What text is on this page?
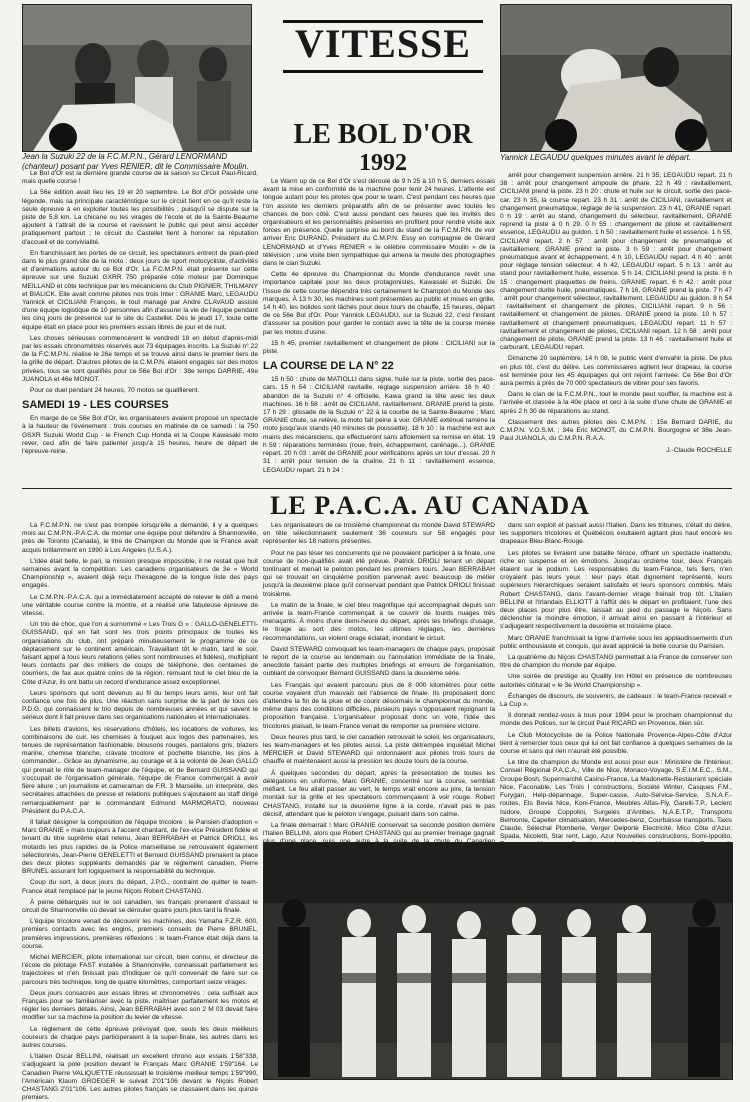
Jean la Suzuki 22 de la F.C.M.P.N., Gérard LENORMAND (chanteur) posant par Yves RENIER, dit le Commissaire Moulin.
VITESSE
LE BOL D'OR
1992	Yannick LEGAUDU quelques minutes avant le départ.

Le Bol d'Or est la dernière grande course de la saison su Circuit Paul-Ricard, mais quelle course !

La 56e édition avait lieu les 19 et 20 septembre. Le Bol d'Or possède une légende, mais sa principale caractéristique sur le circuit tient en ce qu'il reste la seule épreuve à en exploiter toutes les possibilités ; puisqu'il se dispute sur la piste de 5,8 km. La chicane ou les virages de l'école et de la Sainte-Beaume ajoutent à l'attrait de la course et ravissent le public qui peut ainsi accéder pratiquement partout ; le circuit du Castellet tient à honorer sa réputation d'accueil et de convivialité.

En franchissant les portes de ce circuit, les spectateurs entrent de plain-pied dans le plus grand site de la moto : deux jours de sport motocycliste, d'activités et d'animations autour du ce Bol d'Or. La F.C.M.P.N. était présente sur cette épreuve sur une Suzuki GXRR 750 préparée côte moteur par Dominique MEILLAND et côte technique par les mécaniciens du Club PIGNIER, THILMANY et BIALICK. Elle avait comme pilotes nos trois Inter : GRANIE Marc, LEGAUDU Yannick et CICILIANI François, le tout managé par Andre CLAVAUD assisté d'une équipe logistique de 10 personnes afin d'assurer la vie de l'équipe pendant les cinq jours de présence sur le site du Castellet. Dès le jeudi 17, toute cette équipe était en place pour les premiers essais libres de jour et de nuit.

Les choses sérieuses commencèrent le vendredi 18 en début d'après-midi par les essais chronométrés réservés aux 73 équipages inscrits. La Suzuki n° 22 de la F.C.M.P.N. réalise le 26e temps et se trouve ainsi dans le premier tiers de la grille de départ. D'autres pilotes de la C.M.P.N. étaient engagés sur des motos privées, tous se sont qualifiés pour ce 56e Bol d'Or : 38e temps DARRIE, 49e JUANOLA et 46e MONOT.

Pour ce duel pendant 24 heures, 70 motos se qualifièrent.

SAMEDI 19 - LES COURSES

En marge de ce 56e Bol d'Or, les organisateurs avaient proposé un spectacle à la hauteur de l'événement : trois courses en matinée de ce samedi : la 750 GSXR Suzuki World Cup - le French Cup Honda et la Coupe Kawasaki moto rever, ceci afin de faire patienter jusqu'à 15 heures, heure de départ de l'épreuve-reine.

Le Warm up de ce Bol d'Or s'est déroulé de 9 h 25 à 10 h 5, derniers essais avant la mise en conformité de la machine pour tenir 24 heures. L'attente est longue autant pour les pilotes que pour le team. C'est pendant ces heures que l'on assiste les derniers préparatifs afin de se présenter avec toutes les chances de bon côté. C'est aussi pendant ces heures que les invités des organisateurs et les personnalités présentes en profitent pour rendre visite aux forces en présence. Quelle surprise au bord du stand de la F.C.M.P.N. de voir arriver Eric DURAND, Président du C.M.P.N. Essy en compagnie de Gérard LENORMAND et d'Yves RENIER « le célèbre commissaire Moulin » de la télévision ; une visite bien sympathique qui amena la meute des photographes dans le clan Suzuki.

Cette 4e épreuve du Championnat du Monde d'endurance revêt une importance capitale pour les deux protagonistes, Kawasaki et Suzuki. De l'issue de cette course dépendra très certainement le Champion du Monde des marques. À 13 h 30, les machines sont présentées au public et mises en grille, 14 h 40, les bolides sont lâchés pour deux tours de chauffe, 15 heures, départ de ce 56e Bol d'Or. Pour Yannick LEGAUDU, sur la Suzuki 22, c'est l'instant d'assurer sa position pour garder le contact avec la tête de la course menée par les motos d'usine.

15 h 45, premier ravitaillement et changement de pilote : CICILIANI sur la piste.

LA COURSE DE LA N° 22

15 h 50 : chute de MATIOLLI dans signe, huile sur la piste, sortie des pace-cars. 15 h 54 : CICILIANI ravitaille, réglage suspension arrière. 16 h 40 : abandon de la Suzuki n° 4 officielle, Kawa grand la tête avec les deux machines. 16 h 58 : arrêt de CICILIANI, ravitaillement. GRANIE prend la piste. 17 h 29 : glissade de la Suzuki n° 22 à la courbe de la Sainte-Beaume ; Marc GRANIE chute, se relève, la moto fait peine à voir. GRANIE exténué ramène la moto jusqu'aux stands (40 minutes de poussette). 18 h 10 : la machine est aux mains des mécaniciens, qui effectueront sans affolement sa remise en état. 19 h 59 : réparations terminées (roue, frein, échappement, carénage...). GRANIE repart. 20 h 03 : arrêt de GRANIE pour vérifications après un tour d'essai. 20 h 31 : arrêt pour tension de la chaîne. 21 h 11 : ravitaillement essence, LEGAUDU repart. 21 h 24 :

arrêt pour changement suspension arrière. 21 h 35, LEGAUDU repart. 21 h 38 : arrêt pour changement ampoule de phare. 22 h 49 : ravitaillement, CICILIANI prend la piste. 23 h 20 : chute et huile sur le circuit, sortie des pace-car. 23 h 35, la course repart. 23 h 31 : arrêt de CICILIANI, ravitaillement et changement pneumatique, réglage de la suspension. 23 h 41, GRANIE repart. 0 h 19 : arrêt au stand, changement du sélecteur, ravitaillement, GRANIE reprend la piste à 0 h 29. 0 h 55 : changement de pilote et ravitaillement essence, LEGAUDU au guidon. 1 h 50 : ravitaillement huile et essence. 1 h 55, CICILIANI repart. 2 h 57 : arrêt pour changement de pneumatique et ravitaillement. GRANIE prend la piste. 3 h 59 : arrêt pour changement pneumatique avant et échappement. 4 h 10, LEGAUDU repart. 4 h 40 : arrêt pour réglage tension sélecteur. 4 h 42, LEGAUDU repart. 5 h 13 : arrêt au stand pour ravitaillement huile, essence. 5 h 14, CICILIANI prend la piste. 6 h 15 : changement plaquettes de freins. GRANIE repart. 6 h 42 : arrêt pour changement durite huile, pneumatiques. 7 h 16, GRANIE prend la piste. 7 h 47 : arrêt pour changement sélecteur, ravitaillement. LEGAUDU au guidon. 8 h 54 : ravitaillement et changement de pilotes, CICILIANI repart. 9 h 56 : ravitaillement et changement de pilotes. GRANIE prend la piste. 10 h 57 : ravitaillement et changement pneumatiques, LEGAUDU repart. 11 h 57 : ravitaillement et changement de pilotes, CICILIANI repart. 12 h 58 : arrêt pour changement de pilote, GRANIE prend la piste. 13 h 46 : ravitaillement huile et carburant, LEGAUDU repart.

Dimanche 20 septembre, 14 h 08, le public vient d'envahir la piste. De plus en plus tôt, c'est du délire. Les commissaires agitent leur drapeau, la course est terminée pour les 45 équipages qui ont rejoint l'arrivée. Ce 56e Bol d'Or aura permis à près de 70 000 spectateurs de vibrer pour ses favoris.

Dans le clan de la F.C.M.P.N., tout le monde peut souffler, la machine est à l'arrivée et classée à la 40e place et ceci à la suite d'une chute de GRANIE et après 2 h 30 de réparations au stand.

Classement des autres pilotes des C.M.P.N. : 15e Bernard DARIE, du C.M.P.N. V.O.S.M. ; 34e Eric MONOT, du C.M.P.N. Bourgogne et 38e Jean-Paul JUANOLA, du C.M.P.N. R.A.A.

J.-Claude ROCHELLE

LE P.A.C.A. AU CANADA

La F.C.M.P.N. ne s'est pas trompée lorsqu'elle a demandé, il y a quelques mois au C.M.P.N.-P.A.C.A. de monter une équipe pour défendre à Shannonville, près de Toronto (Canada), le titre de Champion du Monde que la France avait acquis brillamment en 1990 à Los Angeles (U.S.A.).

L'idée était belle, le pari, la mission presque impossible, il ne restait que huit semaines avant la compétition. Les canadiens organisateurs de 3e « World Championship », avaient déjà reçu l'hexagone de la longue liste des pays engagés.

Le C.M.P.N.-P.A.C.A. qui a immédiatement accepté de relever le défi a mené une véritable course contre la montre, et a réalisé une fabuleuse épreuve de vitesse.

Un trio de choc, que l'on a surnommé « Les Trois G » : GALLO-GENELETTI-GUISSAND, qui en fait sont les trois points principaux de toutes les organisations du club, ont préparé minutieusement le programme de ce déplacement sur le continent américain. Travaillant tôt le matin, tard le soir, faisant appel à tous leurs relations (elles sont nombreuses et fidèles), multipliant leurs contacts par des milliers de coups de téléphone, des centaines de courriers, de fax aux quatre coins de la région, remuant tout le ciel bleu de la Côte d'Azur, ils ont battu un record d'endurance assez exceptionnel.

Leurs sponsors qui sont devenus au fil du temps leurs amis, leur ont fait confiance une fois de plus. Une réaction sans surprise de la part de tous ces P.D.G. qui connaissent le trio depuis de nombreuses années et qui savent le sérieux dont il fait preuve dans ses organisations nationales et internationales.

Les billets d'avions, les réservations d'hôtels, les locations de voitures, les combinaisons de cuir, les chemises à fouquet aux logos des partenaires, les tenues de représentation fashionable, blousons rouges, pantalons gris, blazers marine, chemise blanche, cravate tricolore et pochette blanche, les pins à commander... Grâce au dynamisme, au courage et à la volonté de Jean GALLO qui prenait le rôle de team-manager de l'équipe, et de Bernard GUISSAND qui s'occupait de l'organisation générale, l'équipe de France commerçait à avoir fière allure ; un journaliste et cameraman de F.R. 3 Marseille, un interprète, des secrétaires attachées de presse et relations publiques s'ajoutaient au staff dirigé remarquablement par le commandant Edmond MARMORATO, nouveau Président du P.A.C.A.

Il fallait désigner la composition de l'équipe tricolore : le Parisien d'adoption « Marc GRANIE » mais toujours à l'accent chantant, de l'ex-vice Président fidèle et tenant du titre suprême était retenu, Jean BERRABAH et Patrick DRIOLI, les motards les plus rapides de la Police marseillaise se retrouvaient également sélectionnés, Jean-Pierre GENELETTI et Bernard GUISSAND prenaient la place des deux pilotes suppléants demandés par le règlement canadien, Pierre BRUNEL assurant fort logiquement la responsabilité du technique.

Coup du sort, à deux jours du départ, J.P.G., contraint de quitter le team-France était remplacé par le jeune Niçois Robert CHASTANG.

À peine débarqués sur le sol canadien, les français prenaient d'assaut le circuit de Shannonville où devait se dérouler quatre jours plus tard la finale.

L'équipe tricolore venait de découvrir les machines, des Yamaha F.Z.R. 600, premiers contacts avec les engins, premiers conseils de Pierre BRUNEL, premières impressions, premières réflexions : le team-France était déjà dans la course.

Michel MERCIER, pilote international sur circuit, bien connu, et directeur de l'école de pilotage FAST installée à Shannonville, connaissait parfaitement les trajectoires et n'en finissait pas d'indiquer ce qu'il convenait de faire sur ce parcours très technique, long de quatre kilomètres, comportant seize virages.

Deux jours consacrés aux essais libres et chronométrés : cela suffisait aux Français pour se familiariser avec la piste, maîtriser parfaitement les motos et régler les derniers détails. Ainsi, Jean BERRABAH avec son 2 M 03 devait faire modifier sur sa machine la position du levier de vitesse.

Le règlement de cette épreuve prévoyait que, seuls les deux meilleurs coureurs de chaque pays participeraient à la super-finale, les autres dans les autres courses.

L'italien Oscar BELLINI, réalisait un excellent chrono aux essais 1'58"338, s'adjugeant la pole position devant le Français Marc GRANIE 1'59"164. Le Canadien Pierre VALIQUETTE réussissait le troisième meilleur temps 1'59"990, l'Américain Klaum GROEGER le suivait 2'01"106 devant le Niçois Robert CHASTANG 2'01"106. Les autres pilotes français se classaient dans les quinze premiers.

Les organisateurs de ce troisième championnat du monde David STEWARD en tête sélectionnaient seulement 36 coureurs sur 58 engagés pour représenter les 18 nations présentes.

Pour ne pas léser les concurrents qui ne pouvaient participer à la finale, une course de non-qualifiés avait été prévue. Patrick DRIOLI tenant un départ tonitruant et menait le peloton pendant les premiers tours. Jean BERRABAH qui se trouvait en cinquième position parvenait avec beaucoup de métier jusqu'à la deuxième place qu'il conservait pendant que Patrick DRIOLI finissait troisième.

Le matin de la finale, le ciel bleu magnifique qui accompagnait depuis son arrivée la team-France commençait à se couvrir de lourds nuages très menaçants. À moins d'une demi-heure du départ, après les briefings d'usage, le tirage au sort des motos, les ultimes réglages, les dernières recommandations, un violent orage éclatait, inondant le circuit.

David STEWARD convoquait les team-managers de chaque pays, proposait le report de la course au lendemain ou l'annulation immédiate de la finale, anecdote faisant partie des multiples briefings et erreurs de l'organisation, oubliant de convoquer Bernard GUISSAND dans la deuxième série.

Les Français qui avaient parcouru plus de 8 000 kilomètres pour cette course voyaient d'un mauvais œil l'absence de finale. Ils proposaient donc d'attendre la fin de la pluie et de courir désormais le championnat du monde, même dans des conditions difficiles, plusieurs pays s'opposaient rejoignant la proposition française. L'organisateur proposait donc un vote, l'idée des tricolores plaisait, le team-France venait de remporter sa première victoire.

Deux heures plus tard, le ciel canadien retrouvait le soleil, les organisateurs, les team-managers et les pilotes aussi. La piste détrempée inquiétait Michel MERCIER et David STEWARD qui ordonnaient aux pilotes trois tours de chauffe et maintenaient aussi la pression les douze tours de la course.

À quelques secondes du départ, après la présentation de toutes les délégations en uniforme, Marc GRANIE, concentré sur la course, semblait méfiant. Le feu allait passer au vert, le temps vrait encore au pire, la tension montait sur la grille et les spectateurs commençaient à voir rouge. Robert CHASTANG, installé sur la deuxième ligne à la corde, n'avait pas le pas décisif, attendant que le peloton s'engage, puisant dans son calme.

La finale démarrait ! Marc GRANIE conservait sa seconde position derrière l'Italien BELLINI, alors que Robert CHASTANG qui au premier freinage gagnait

dans son exploit et passait aussi l'Italien. Dans les tribunes, c'était du délire, les supporters tricolores et Québécois exultaient agitant plus haut encore les drapeaux Bleu-Blanc-Rouge.

Les pilotes se livraient une bataille féroce, offrant un spectacle inattendu, riche en suspense et en émotions. Jusqu'au onzième tour, deux Français étaient sur le podium. Les responsables du team-France, tels fiers, n'en croyaient pas leurs yeux : leur pays était dignement représenté, leurs supérieurs hiérarchiques seraient satisfaits et leurs sponsors comblés. Mais Robert CHASTANG, dans l'avant-dernier virage freinait trop tôt. L'italien BELLINI et l'Irlandais ELLIOTT à l'affût dès le départ en profitaient, l'une des deux places pour plus être, laissait au pied du passage le Niçois. Sans déclencher la moindre émotion, il arrivait ainsi en passant à l'intérieur et s'adjugeant respectivement la deuxième et troisième place.

Marc GRANIE franchissait la ligne d'arrivée sous les applaudissements d'un public enthousiaste et conquis, qui avait apprécié la belle course du Parisien.

La quatrième du Niçois CHASTANG permettait à la France de conserver son titre de champion du monde par équipe.

Une soirée de prestige au Quality Inn Hôtel en présence de nombreuses autorités clôturait « le 3e World Championship ».

Échanges de discours, de souvenirs, de cadeaux : le team-France recevait « La Cup ».

Il donnait rendez-vous à tous pour 1994 pour le prochain championnat du monde des Polices, sur le circuit Paul RICARD en Provence, bien sûr.

Le Club Motocycliste de la Police Nationale Provence-Alpes-Côte d'Azur tient à remercier tous ceux qui lui ont fait confiance à quelques semaines de la course et sans qui rien n'aurait été possible.

Le titre de champion du Monde est aussi pour eux : Ministère de l'Intérieur, Conseil Régional P.A.C.A., Ville de Nice, Monaco-Voyage, S.E.I.M.E.C., S.M., Groupe Bosh, Supermarché Casino-France, La Madonette-Restaurant spéciale Nice, Faconable, Les Trois I constructions, Société Winter, Casques F.M., Furygan, Help-dépannage, Super-casse, Auto-Service-Service, S.N.A.F.-routes, Ets Bovia Nice, Koni-France, Meubles Alfas-Fly, Garelli-T.P., Leclerc Isidore, Groupe Coppolini, Surgelés d'Antibes, N.A.E.T.P., Transports Belmonte, Capeller climatisation, Mercedes-benz, Courbaisse transports, Taxis Claude, Séléchal Plomberie, Verger Delporte Electricité, Mico Côte d'Azur, Spada, Nicoletti, Star rent, Lago, Azur Nouvelles constructions, Somi-Ippolito,
